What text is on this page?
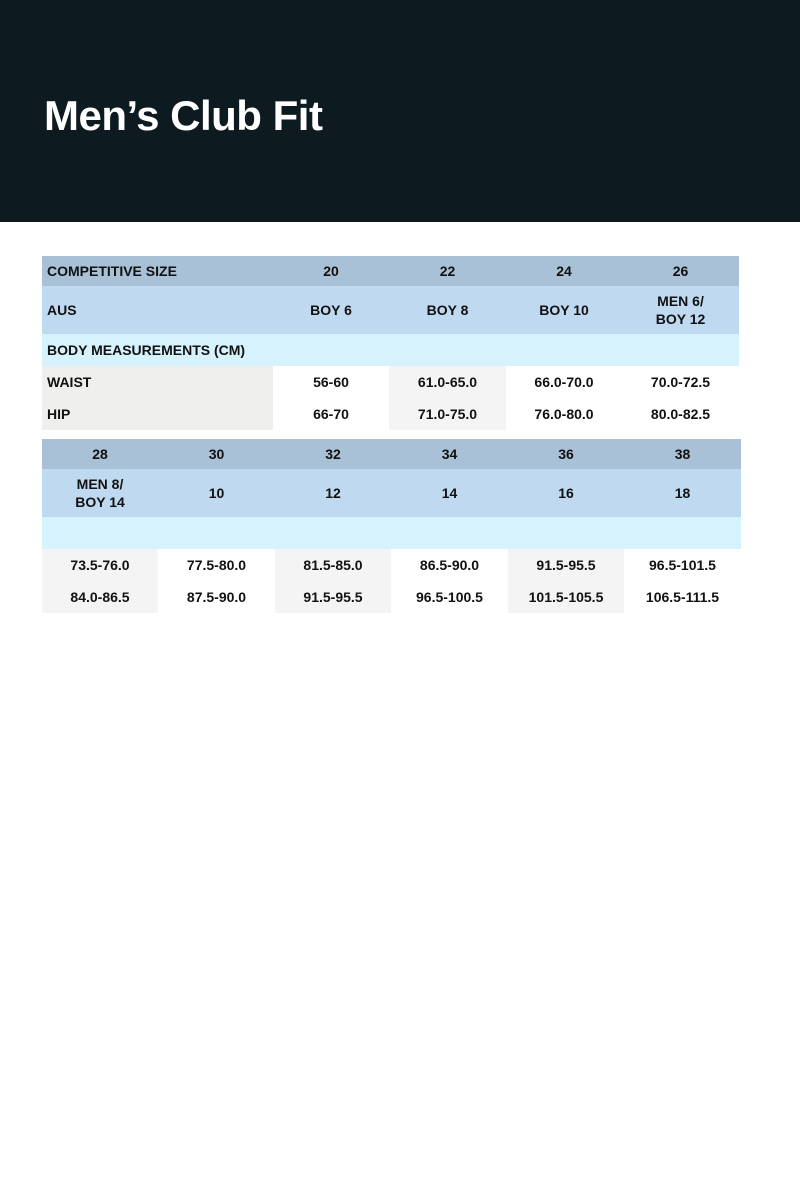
Men’s Club Fit
COMPETITIVE SIZE	20	22	24	26
AUS	BOY 6	BOY 8	BOY 10	MEN 6/ BOY 12
BODY MEASUREMENTS (CM)				
WAIST	56-60	61.0-65.0	66.0-70.0	70.0-72.5
HIP	66-70	71.0-75.0	76.0-80.0	80.0-82.5
28	30	32	34	36	38
MEN 8/ BOY 14	10	12	14	16	18

73.5-76.0	77.5-80.0	81.5-85.0	86.5-90.0	91.5-95.5	96.5-101.5
84.0-86.5	87.5-90.0	91.5-95.5	96.5-100.5	101.5-105.5	106.5-111.5
